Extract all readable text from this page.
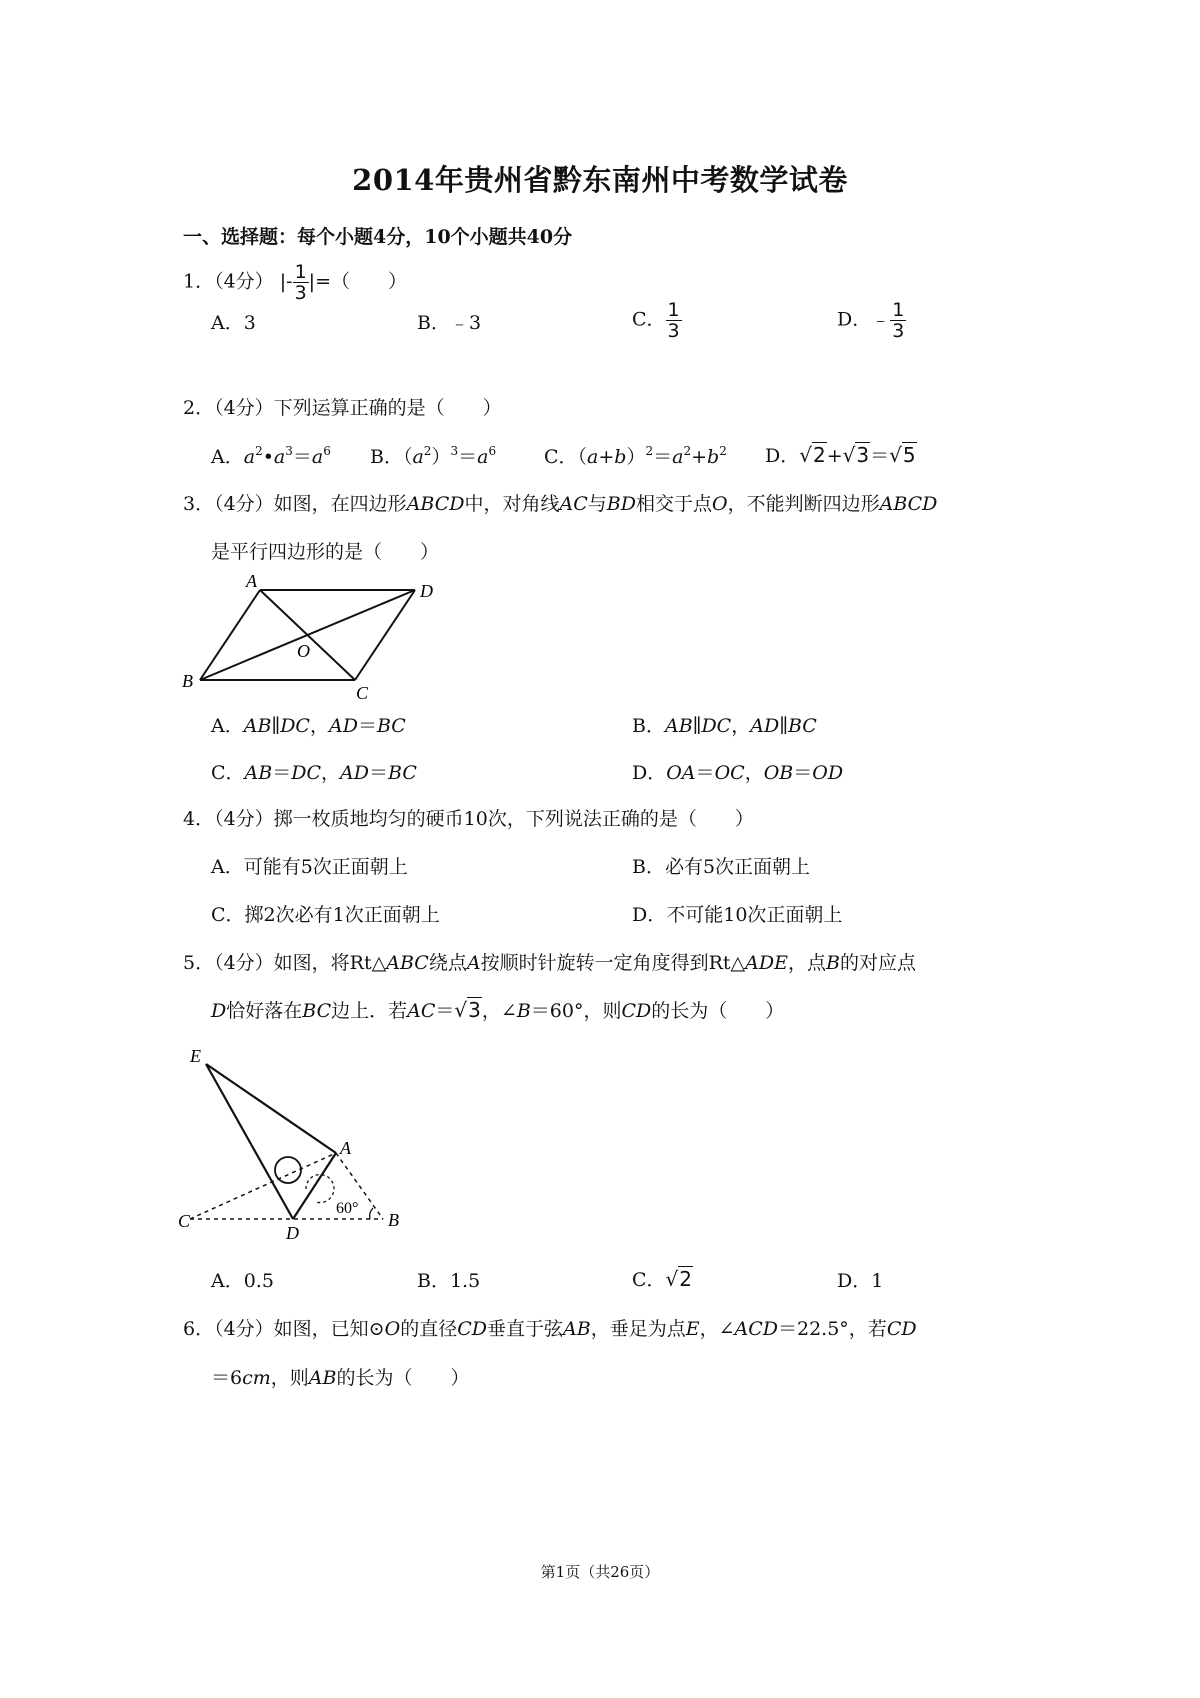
2014年贵州省黔东南州中考数学试卷
一、选择题：每个小题4分，10个小题共40分
1．（4分） |- $\frac{1}{3}$ |=（　　）
A．3	B．﹣3	C． $\frac{1}{3}$	D．﹣ $\frac{1}{3}$
2．（4分）下列运算正确的是（　　）
A．$a^2•a^3=a^6$ B．$(a^2)^3=a^6$	C．$(a+b)^2=a^2+b^2$ D．√2+√3＝√5
3．（4分）如图，在四边形ABCD中，对角线AC与BD相交于点O，不能判断四边形ABCD
是平行四边形的是（　　）
A	D
B
C
O
A．AB∥DC，AD＝BC	B．AB∥DC，AD∥BC
C．AB＝DC，AD＝BC	D．OA＝OC，OB＝OD
4．（4分）掷一枚质地均匀的硬币10次，下列说法正确的是（　　）
A．可能有5次正面朝上	B．必有5次正面朝上
C．掷2次必有1次正面朝上	D．不可能10次正面朝上
5．（4分）如图，将Rt△ABC绕点A按顺时针旋转一定角度得到Rt△ADE，点B的对应点
D恰好落在BC边上．若AC＝√3，∠B＝60°，则CD的长为（　　）
E
A
C
D
B
60°
A．0.5	B．1.5	C．√2	D．1
6．（4分）如图，已知⊙O的直径CD垂直于弦AB，垂足为点E，∠ACD＝22.5°，若CD
＝6cm，则AB的长为（　　）
第1页（共26页）
